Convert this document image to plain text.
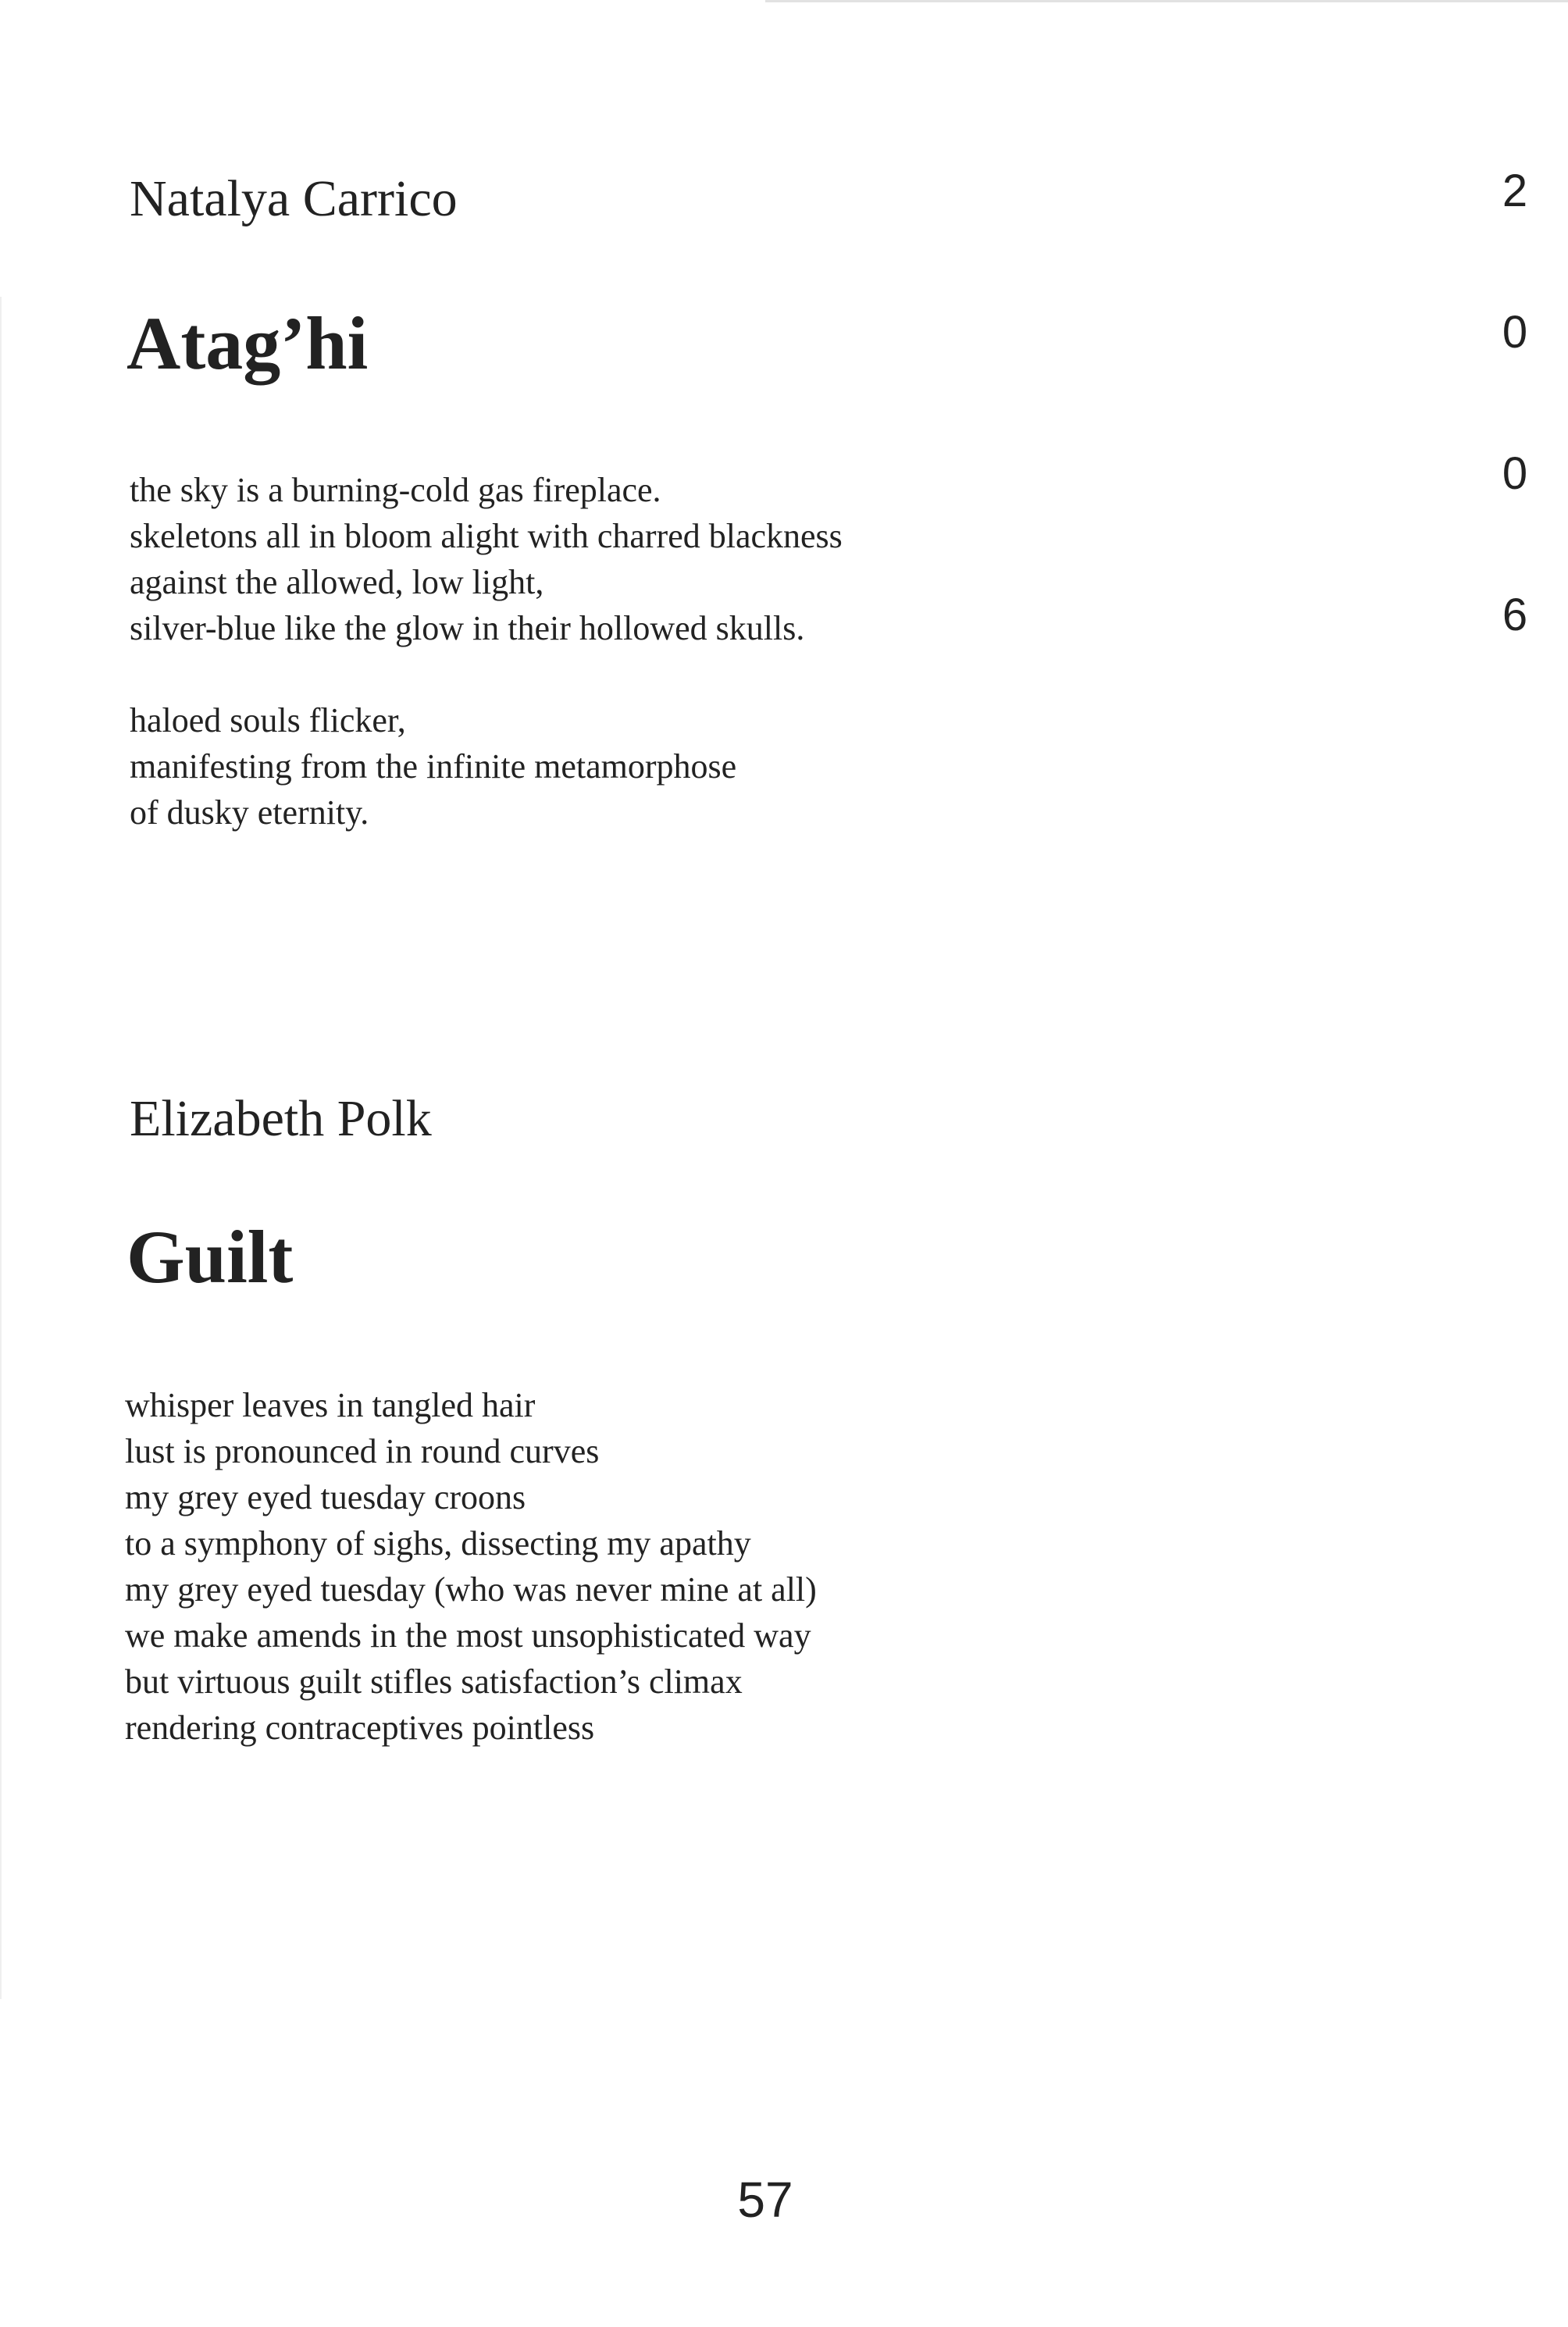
Natalya Carrico
Atag’hi
the sky is a burning-cold gas fireplace.
skeletons all in bloom alight with charred blackness
against the allowed, low light,
silver-blue like the glow in their hollowed skulls.
haloed souls flicker,
manifesting from the infinite metamorphose
of dusky eternity.
Elizabeth Polk
Guilt
whisper leaves in tangled hair
lust is pronounced in round curves
my grey eyed tuesday croons
to a symphony of sighs, dissecting my apathy
my grey eyed tuesday (who was never mine at all)
we make amends in the most unsophisticated way
but virtuous guilt stifles satisfaction’s climax
rendering contraceptives pointless
2
0
0
6
57
